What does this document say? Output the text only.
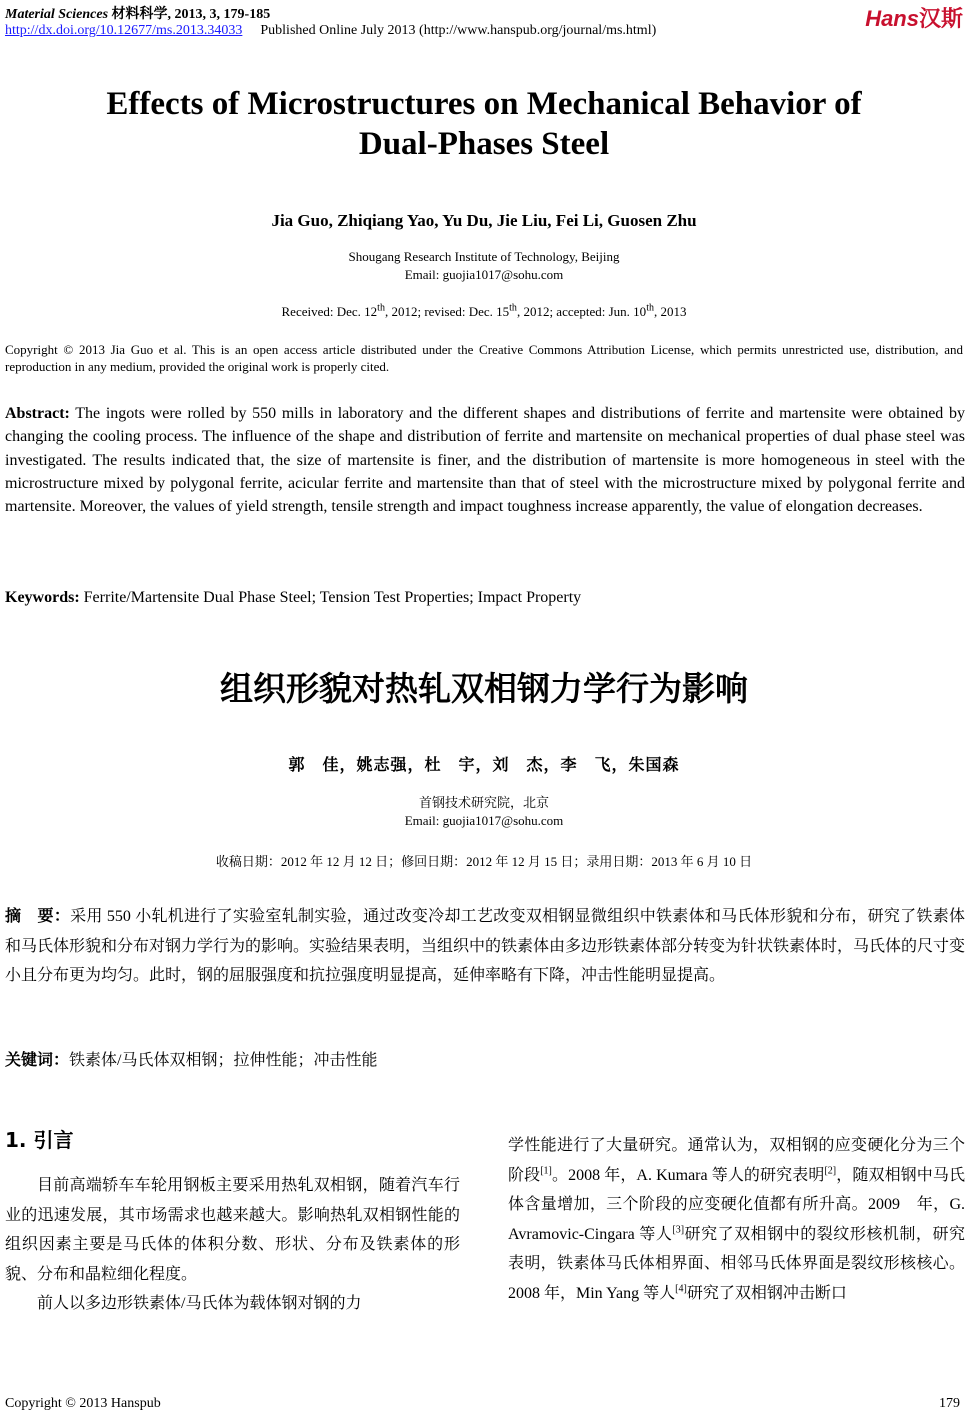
Material Sciences 材料科学, 2013, 3, 179-185
http://dx.doi.org/10.12677/ms.2013.34033 Published Online July 2013 (http://www.hanspub.org/journal/ms.html)	Hans汉斯
Effects of Microstructures on Mechanical Behavior of
Dual-Phases Steel
Jia Guo, Zhiqiang Yao, Yu Du, Jie Liu, Fei Li, Guosen Zhu
Shougang Research Institute of Technology, Beijing
Email: guojia1017@sohu.com
Received: Dec. 12th, 2012; revised: Dec. 15th, 2012; accepted: Jun. 10th, 2013
Copyright © 2013 Jia Guo et al. This is an open access article distributed under the Creative Commons Attribution License, which permits unrestricted use, distribution, and reproduction in any medium, provided the original work is properly cited.
Abstract: The ingots were rolled by 550 mills in laboratory and the different shapes and distributions of ferrite and martensite were obtained by changing the cooling process. The influence of the shape and distribution of ferrite and martensite on mechanical properties of dual phase steel was investigated. The results indicated that, the size of martensite is finer, and the distribution of martensite is more homogeneous in steel with the microstructure mixed by polygonal ferrite, acicular ferrite and martensite than that of steel with the microstructure mixed by polygonal ferrite and martensite. Moreover, the values of yield strength, tensile strength and impact toughness increase apparently, the value of elongation decreases.
Keywords: Ferrite/Martensite Dual Phase Steel; Tension Test Properties; Impact Property
组织形貌对热轧双相钢力学行为影响
郭　佳，姚志强，杜　宇，刘　杰，李　飞，朱国森
首钢技术研究院，北京
Email: guojia1017@sohu.com
收稿日期：2012 年 12 月 12 日；修回日期：2012 年 12 月 15 日；录用日期：2013 年 6 月 10 日
摘　要：采用 550 小轧机进行了实验室轧制实验，通过改变冷却工艺改变双相钢显微组织中铁素体和马氏体形貌和分布，研究了铁素体和马氏体形貌和分布对钢力学行为的影响。实验结果表明，当组织中的铁素体由多边形铁素体部分转变为针状铁素体时，马氏体的尺寸变小且分布更为均匀。此时，钢的屈服强度和抗拉强度明显提高，延伸率略有下降，冲击性能明显提高。
关键词：铁素体/马氏体双相钢；拉伸性能；冲击性能
1. 引言

目前高端轿车车轮用钢板主要采用热轧双相钢，随着汽车行业的迅速发展，其市场需求也越来越大。影响热轧双相钢性能的组织因素主要是马氏体的体积分数、形状、分布及铁素体的形貌、分布和晶粒细化程度。

前人以多边形铁素体/马氏体为载体钢对钢的力

学性能进行了大量研究。通常认为，双相钢的应变硬化分为三个阶段[1]。2008 年，A. Kumara 等人的研究表明[2]，随双相钢中马氏体含量增加，三个阶段的应变硬化值都有所升高。2009　年，G. Avramovic-Cingara 等人[3]研究了双相钢中的裂纹形核机制，研究表明，铁素体马氏体相界面、相邻马氏体界面是裂纹形核核心。2008 年，Min Yang 等人[4]研究了双相钢冲击断口

Copyright © 2013 Hanspub	179
